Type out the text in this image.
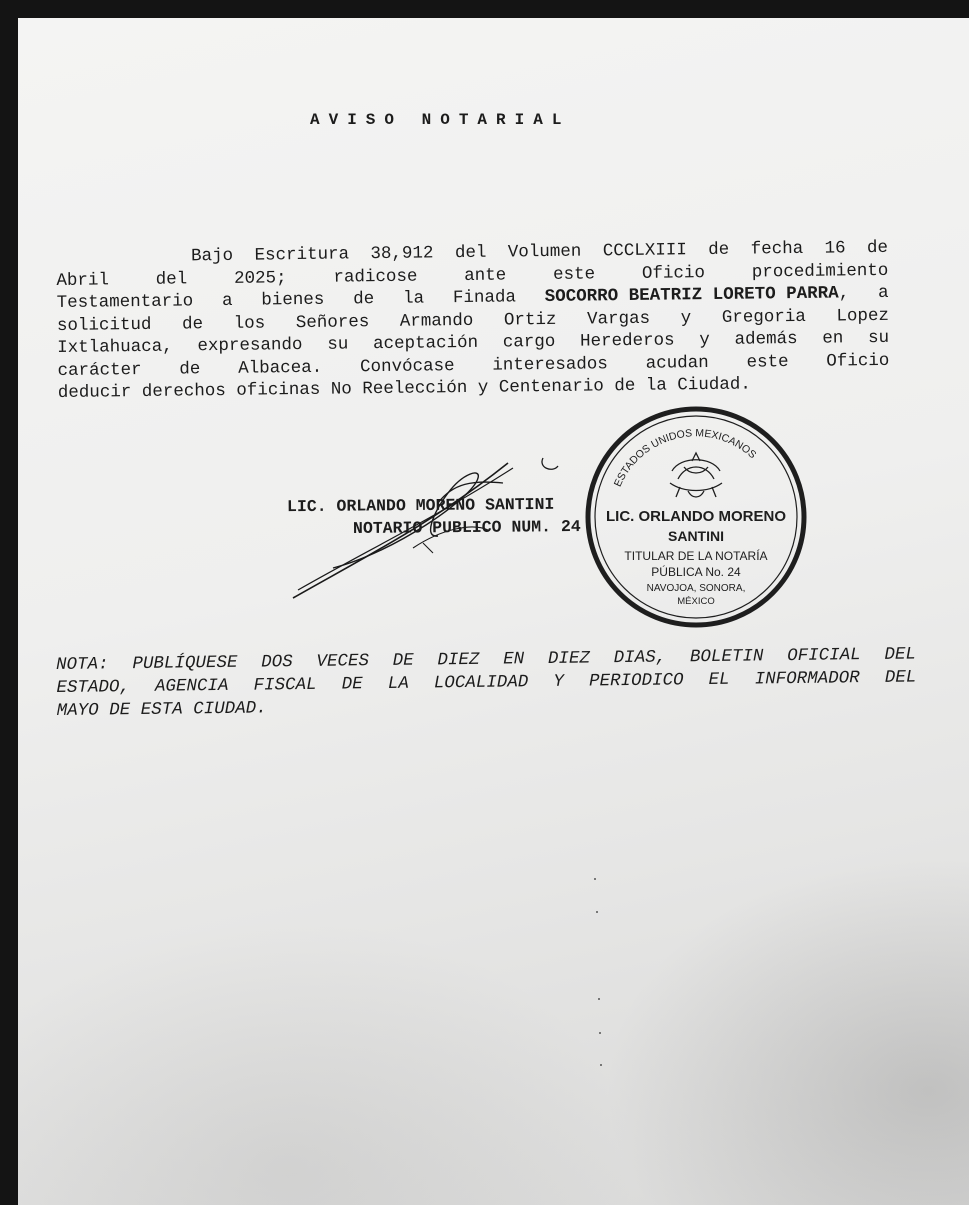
AVISO NOTARIAL
Bajo Escritura 38,912 del Volumen CCCLXIII de fecha 16 de
Abril	del	2025;	radicose	ante	este	Oficio	procedimiento
Testamentario a bienes de la Finada SOCORRO BEATRIZ LORETO PARRA, a
solicitud de los Señores Armando Ortiz Vargas y Gregoria Lopez
Ixtlahuaca, expresando su aceptación cargo Herederos y además en su
carácter de Albacea. Convócase interesados acudan este Oficio
deducir derechos oficinas No Reelección y Centenario de la Ciudad.
LIC. ORLANDO MORENO SANTINI
NOTARIO PUBLICO NUM. 24
ESTADOS UNIDOS MEXICANOS
LIC. ORLANDO MORENO
SANTINI
TITULAR DE LA NOTARÍA
PÚBLICA No. 24
NAVOJOA, SONORA,
MÉXICO
NOTA: PUBLÍQUESE DOS VECES DE DIEZ EN DIEZ DIAS, BOLETIN OFICIAL DEL
ESTADO, AGENCIA FISCAL DE LA LOCALIDAD Y PERIODICO EL INFORMADOR DEL
MAYO DE ESTA CIUDAD.
